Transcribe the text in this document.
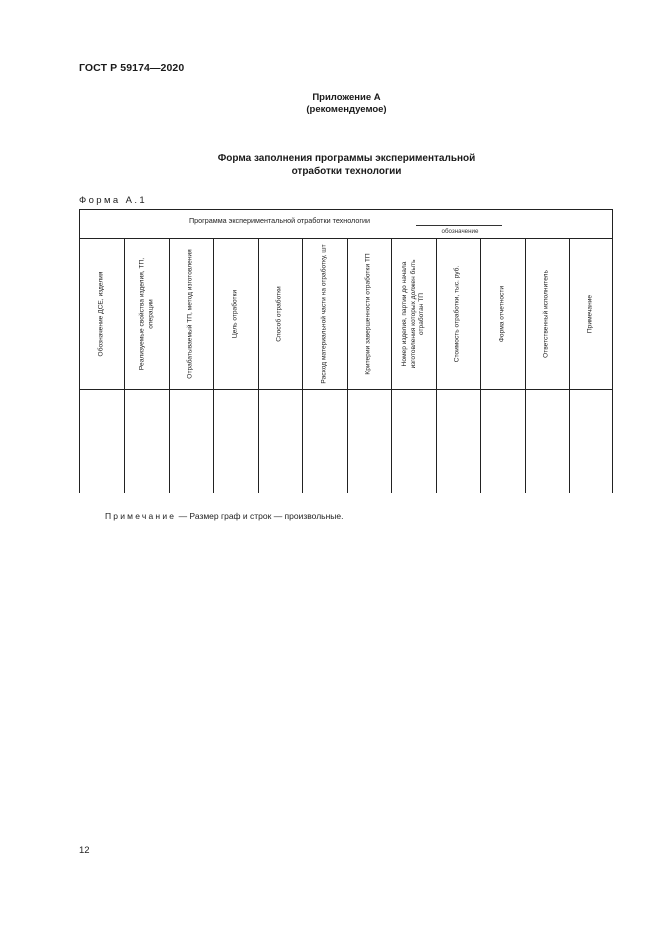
ГОСТ Р 59174—2020
Приложение А
(рекомендуемое)
Форма заполнения программы экспериментальной
отработки технологии
Форма А.1
Программа экспериментальной отработки технологии
обозначение
Обозначение ДСЕ, изделия	Реализуемые свойства изделия, ТП, операции	Отрабатываемый ТП, метод изготовления	Цель отработки	Способ отработки	Расход материальной части на отработку, шт	Критерии завершенности отработки ТП	Номер изделия, партии до начала изготовления которых должен быть отработан ТП	Стоимость отработки, тыс. руб.	Форма отчетности	Ответственный исполнитель	Примечание
Примечание — Размер граф и строк — произвольные.
12
